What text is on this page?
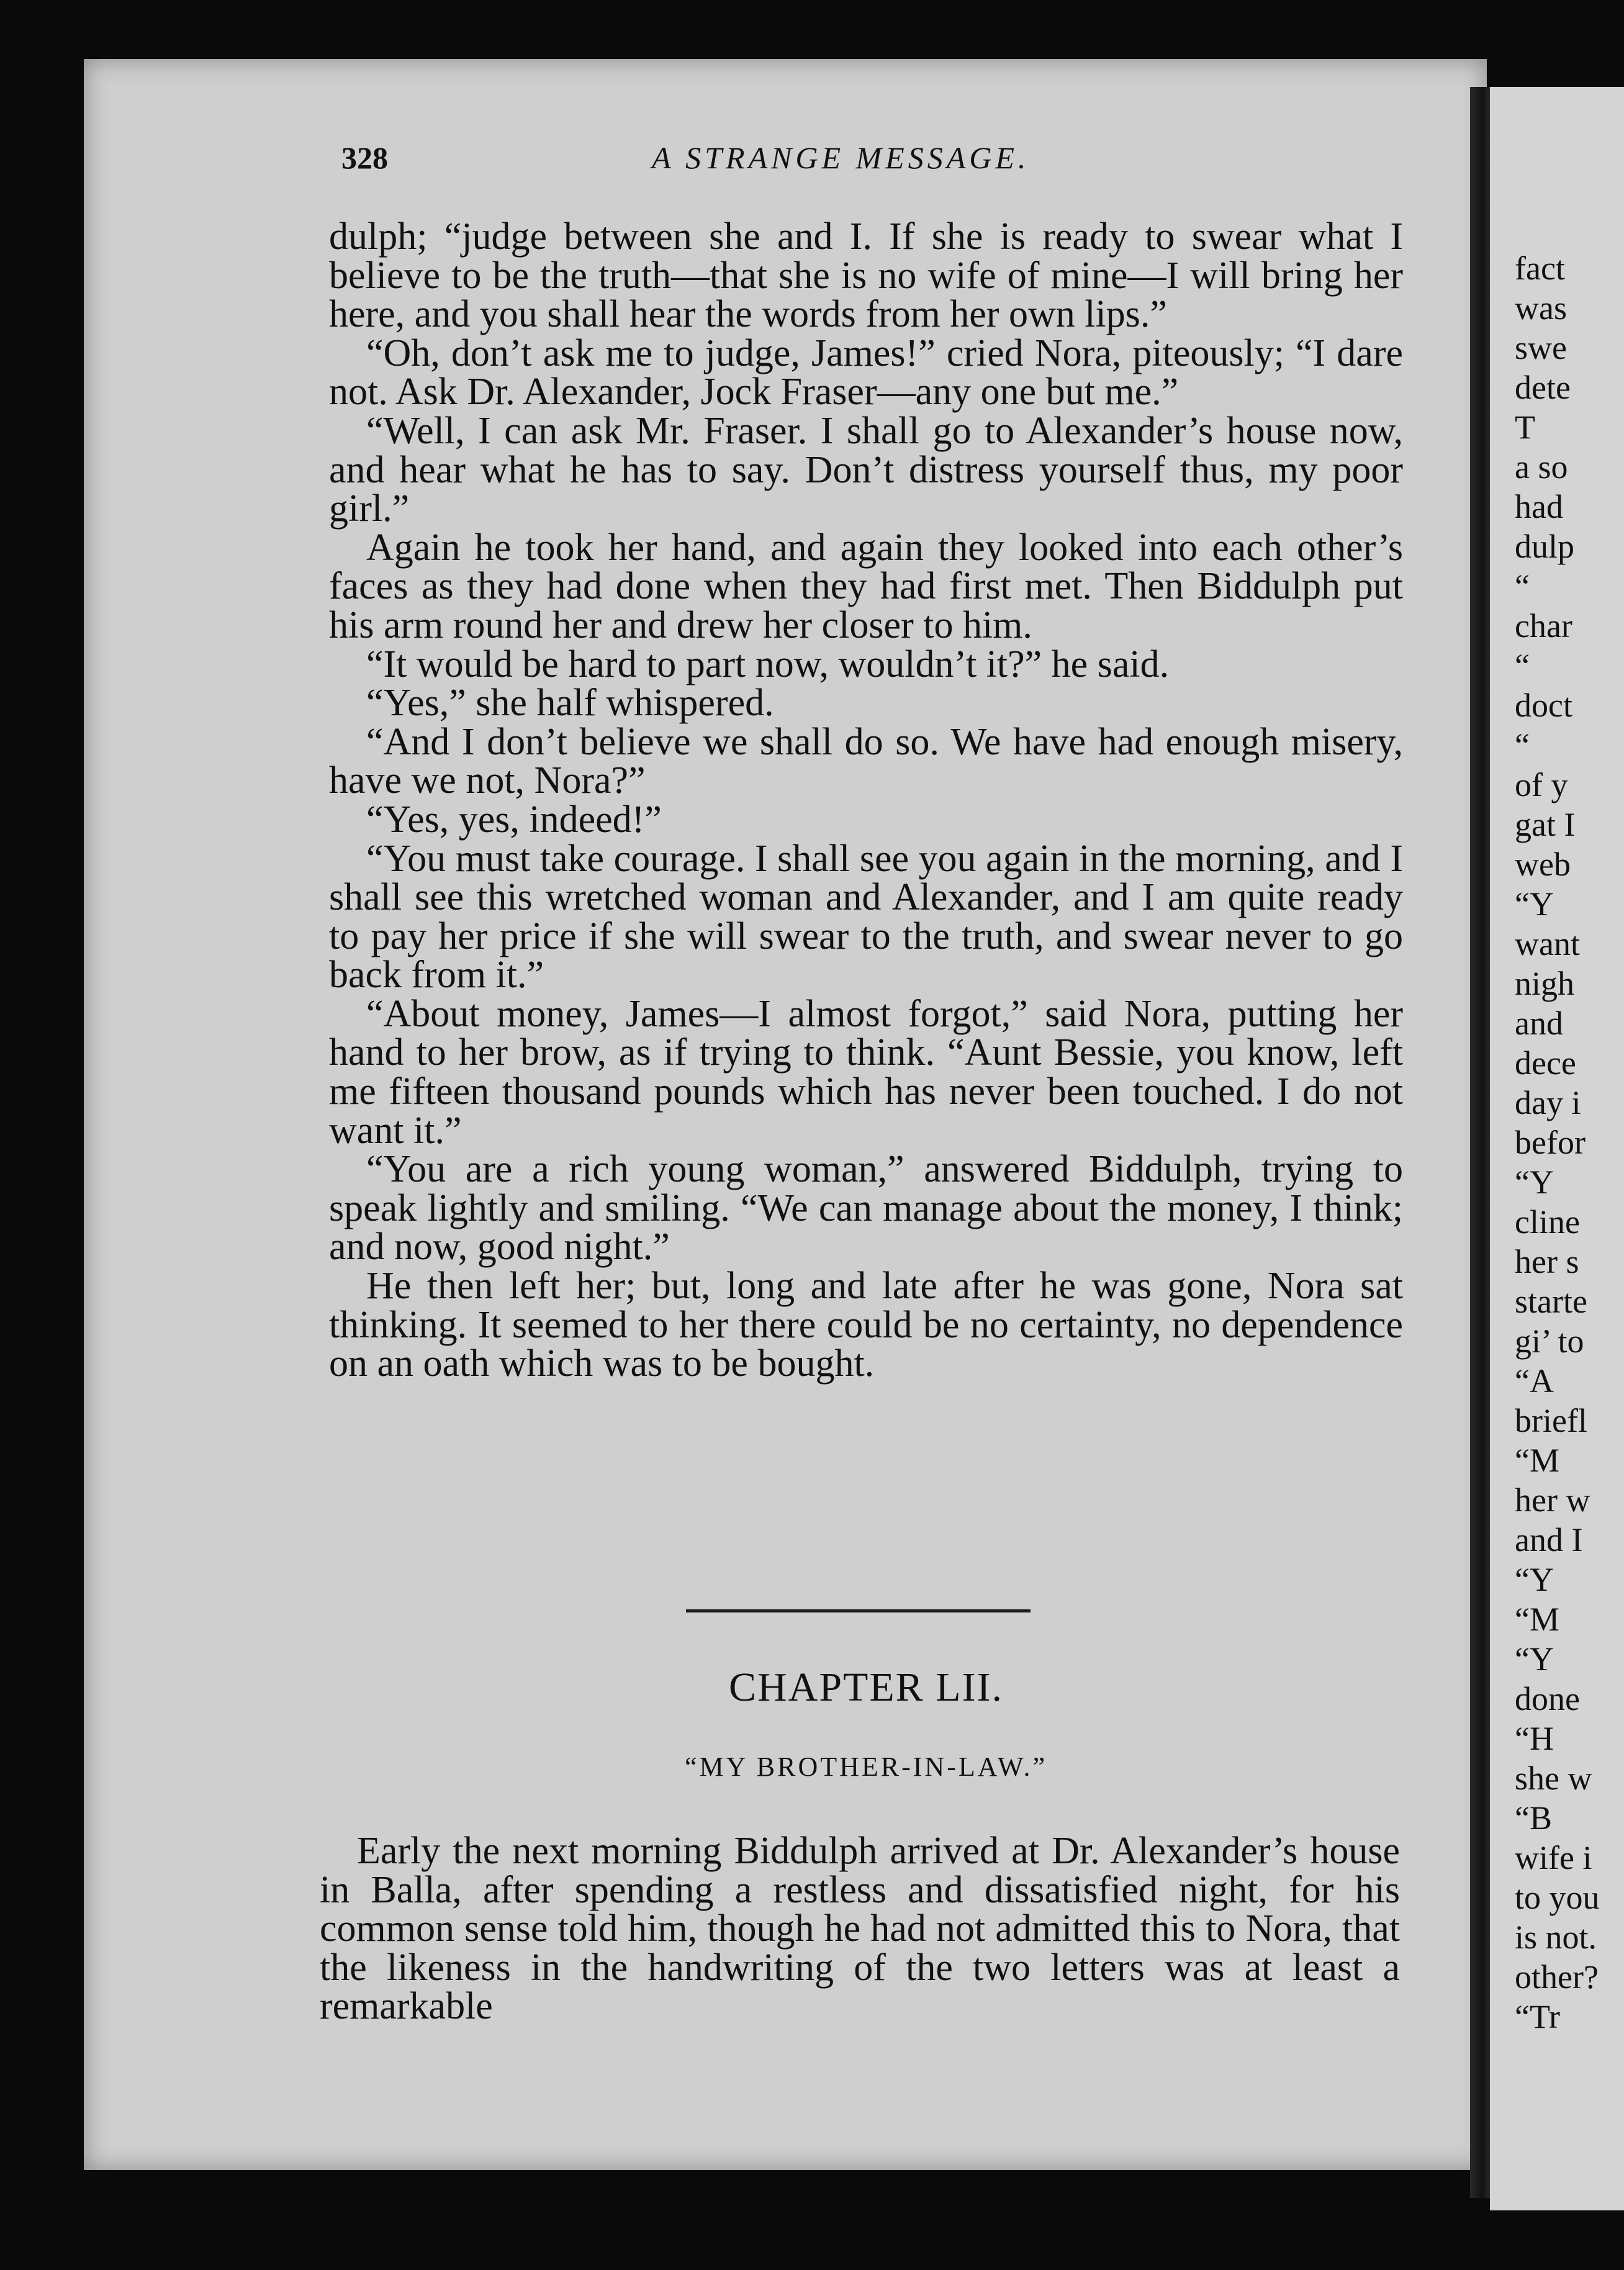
fact
was
swe
dete
T
a so
had
dulp
“
char
“
doct
“
of y
gat I
web
“Y
want
nigh
and
dece
day i
befor
“Y
cline
her s
starte
gi’ to
“A
briefl
“M
her w
and I
“Y
“M
“Y
done
“H
she w
“B
wife i
to you
is not.
other?
“Tr
328	A STRANGE MESSAGE.

dulph; “judge between she and I. If she is ready to swear what I believe to be the truth—that she is no wife of mine—I will bring her here, and you shall hear the words from her own lips.”

“Oh, don’t ask me to judge, James!” cried Nora, piteously; “I dare not. Ask Dr. Alexander, Jock Fraser—any one but me.”

“Well, I can ask Mr. Fraser. I shall go to Alexander’s house now, and hear what he has to say. Don’t distress yourself thus, my poor girl.”

Again he took her hand, and again they looked into each other’s faces as they had done when they had first met. Then Biddulph put his arm round her and drew her closer to him.

“It would be hard to part now, wouldn’t it?” he said.

“Yes,” she half whispered.

“And I don’t believe we shall do so. We have had enough misery, have we not, Nora?”

“Yes, yes, indeed!”

“You must take courage. I shall see you again in the morning, and I shall see this wretched woman and Alexander, and I am quite ready to pay her price if she will swear to the truth, and swear never to go back from it.”

“About money, James—I almost forgot,” said Nora, putting her hand to her brow, as if trying to think. “Aunt Bessie, you know, left me fifteen thousand pounds which has never been touched. I do not want it.”

“You are a rich young woman,” answered Biddulph, trying to speak lightly and smiling. “We can manage about the money, I think; and now, good night.”

He then left her; but, long and late after he was gone, Nora sat thinking. It seemed to her there could be no certainty, no dependence on an oath which was to be bought.

CHAPTER LII.
“MY BROTHER-IN-LAW.”

Early the next morning Biddulph arrived at Dr. Alexander’s house in Balla, after spending a restless and dissatisfied night, for his common sense told him, though he had not admitted this to Nora, that the likeness in the handwriting of the two letters was at least a remarkable
